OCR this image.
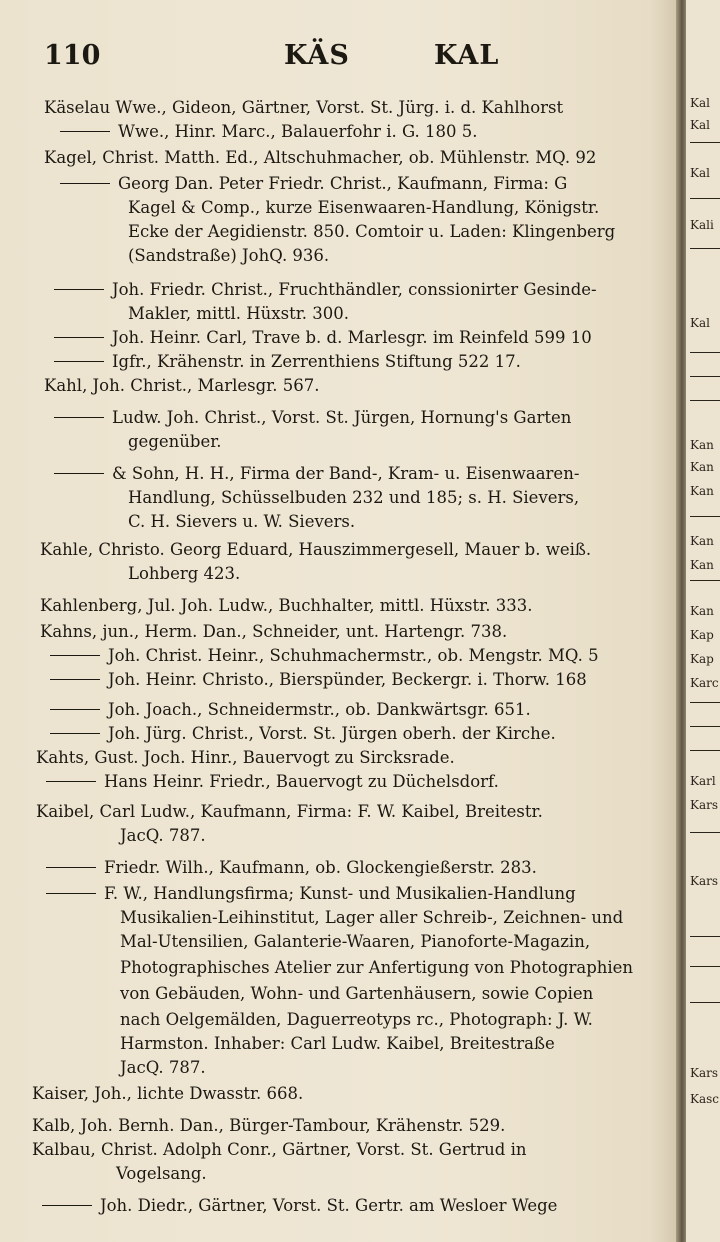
110	KÄS	KAL
Käselau Wwe., Gideon, Gärtner, Vorst. St. Jürg. i. d. Kahlhorst
Wwe., Hinr. Marc., Balauerfohr i. G. 180 5.
Kagel, Christ. Matth. Ed., Altschuhmacher, ob. Mühlenstr. MQ. 92
Georg Dan. Peter Friedr. Christ., Kaufmann, Firma: G
Kagel & Comp., kurze Eisenwaaren-Handlung, Königstr.
Ecke der Aegidienstr. 850. Comtoir u. Laden: Klingenberg
(Sandstraße) JohQ. 936.
Joh. Friedr. Christ., Fruchthändler, conssionirter Gesinde-
Makler, mittl. Hüxstr. 300.
Joh. Heinr. Carl, Trave b. d. Marlesgr. im Reinfeld 599 10
Igfr., Krähenstr. in Zerrenthiens Stiftung 522 17.
Kahl, Joh. Christ., Marlesgr. 567.
Ludw. Joh. Christ., Vorst. St. Jürgen, Hornung's Garten
gegenüber.
& Sohn, H. H., Firma der Band-, Kram- u. Eisenwaaren-
Handlung, Schüsselbuden 232 und 185; s. H. Sievers,
C. H. Sievers u. W. Sievers.
Kahle, Christo. Georg Eduard, Hauszimmergesell, Mauer b. weiß.
Lohberg 423.
Kahlenberg, Jul. Joh. Ludw., Buchhalter, mittl. Hüxstr. 333.
Kahns, jun., Herm. Dan., Schneider, unt. Hartengr. 738.
Joh. Christ. Heinr., Schuhmachermstr., ob. Mengstr. MQ. 5
Joh. Heinr. Christo., Bierspünder, Beckergr. i. Thorw. 168
Joh. Joach., Schneidermstr., ob. Dankwärtsgr. 651.
Joh. Jürg. Christ., Vorst. St. Jürgen oberh. der Kirche.
Kahts, Gust. Joch. Hinr., Bauervogt zu Sircksrade.
Hans Heinr. Friedr., Bauervogt zu Düchelsdorf.
Kaibel, Carl Ludw., Kaufmann, Firma: F. W. Kaibel, Breitestr.
JacQ. 787.
Friedr. Wilh., Kaufmann, ob. Glockengießerstr. 283.
F. W., Handlungsfirma; Kunst- und Musikalien-Handlung
Musikalien-Leihinstitut, Lager aller Schreib-, Zeichnen- und
Mal-Utensilien, Galanterie-Waaren, Pianoforte-Magazin,
Photographisches Atelier zur Anfertigung von Photographien
von Gebäuden, Wohn- und Gartenhäusern, sowie Copien
nach Oelgemälden, Daguerreotyps rc., Photograph: J. W.
Harmston. Inhaber: Carl Ludw. Kaibel, Breitestraße
JacQ. 787.
Kaiser, Joh., lichte Dwasstr. 668.
Kalb, Joh. Bernh. Dan., Bürger-Tambour, Krähenstr. 529.
Kalbau, Christ. Adolph Conr., Gärtner, Vorst. St. Gertrud in
Vogelsang.
Joh. Diedr., Gärtner, Vorst. St. Gertr. am Wesloer Wege
Kal
Kal
Kal
Kali
Kal
Kan
Kan
Kan
Kan
Kan
Kan
Kap
Kap
Karc
Karl
Kars
Kars
Kars
Kasc
